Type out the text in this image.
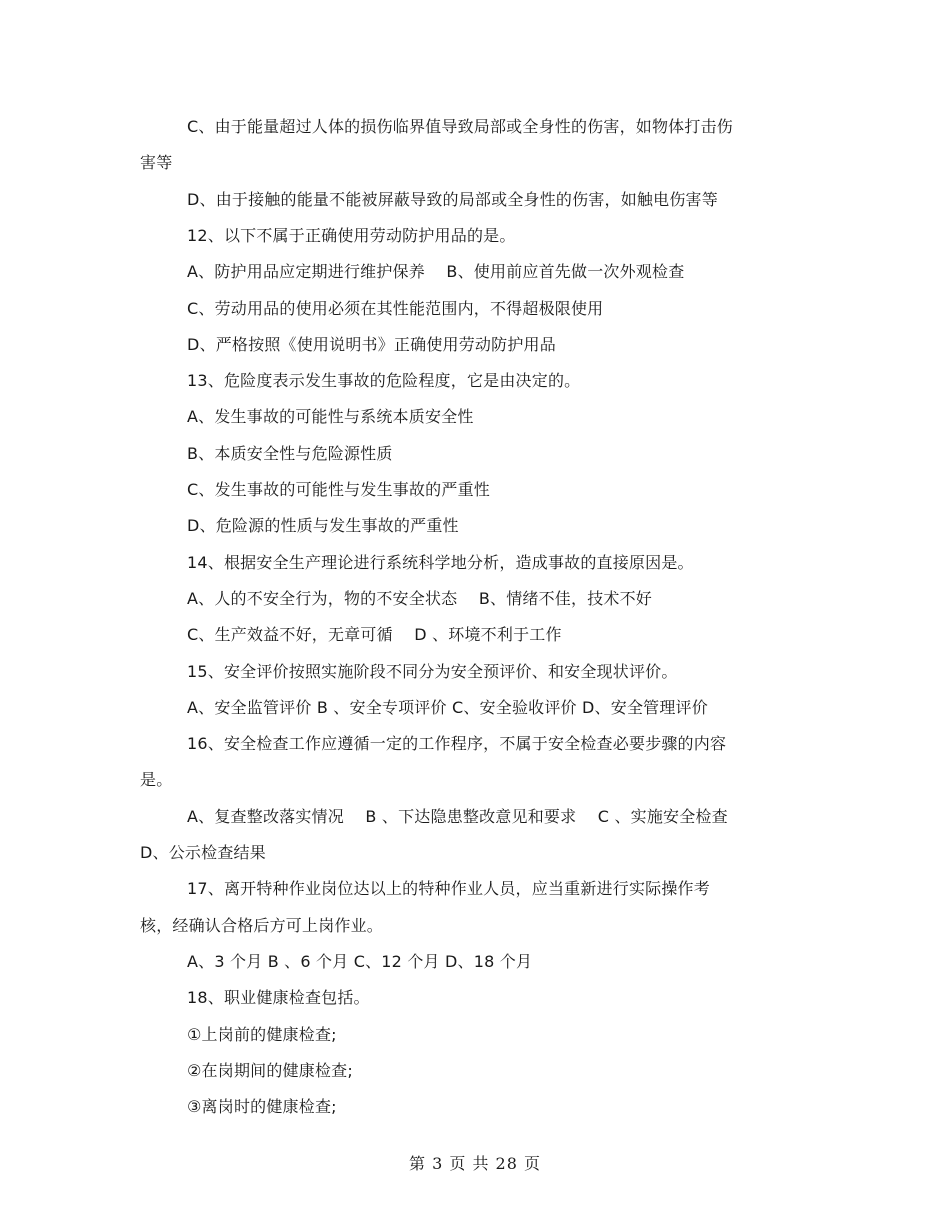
C、由于能量超过人体的损伤临界值导致局部或全身性的伤害，如物体打击伤
害等
D、由于接触的能量不能被屏蔽导致的局部或全身性的伤害，如触电伤害等
12、以下不属于正确使用劳动防护用品的是。
A、防护用品应定期进行维护保养　 B、使用前应首先做一次外观检查
C、劳动用品的使用必须在其性能范围内，不得超极限使用
D、严格按照《使用说明书》正确使用劳动防护用品
13、危险度表示发生事故的危险程度，它是由决定的。
A、发生事故的可能性与系统本质安全性
B、本质安全性与危险源性质
C、发生事故的可能性与发生事故的严重性
D、危险源的性质与发生事故的严重性
14、根据安全生产理论进行系统科学地分析，造成事故的直接原因是。
A、人的不安全行为，物的不安全状态　 B、情绪不佳，技术不好
C、生产效益不好，无章可循　 D 、环境不利于工作
15、安全评价按照实施阶段不同分为安全预评价、和安全现状评价。
A、安全监管评价 B 、安全专项评价 C、安全验收评价 D、安全管理评价
16、安全检查工作应遵循一定的工作程序，不属于安全检查必要步骤的内容
是。
A、复查整改落实情况　 B 、下达隐患整改意见和要求　 C 、实施安全检查
D、公示检查结果
17、离开特种作业岗位达以上的特种作业人员，应当重新进行实际操作考
核，经确认合格后方可上岗作业。
A、3 个月 B 、6 个月 C、12 个月 D、18 个月
18、职业健康检查包括。
①上岗前的健康检查;
②在岗期间的健康检查;
③离岗时的健康检查;
第 3 页 共 28 页
